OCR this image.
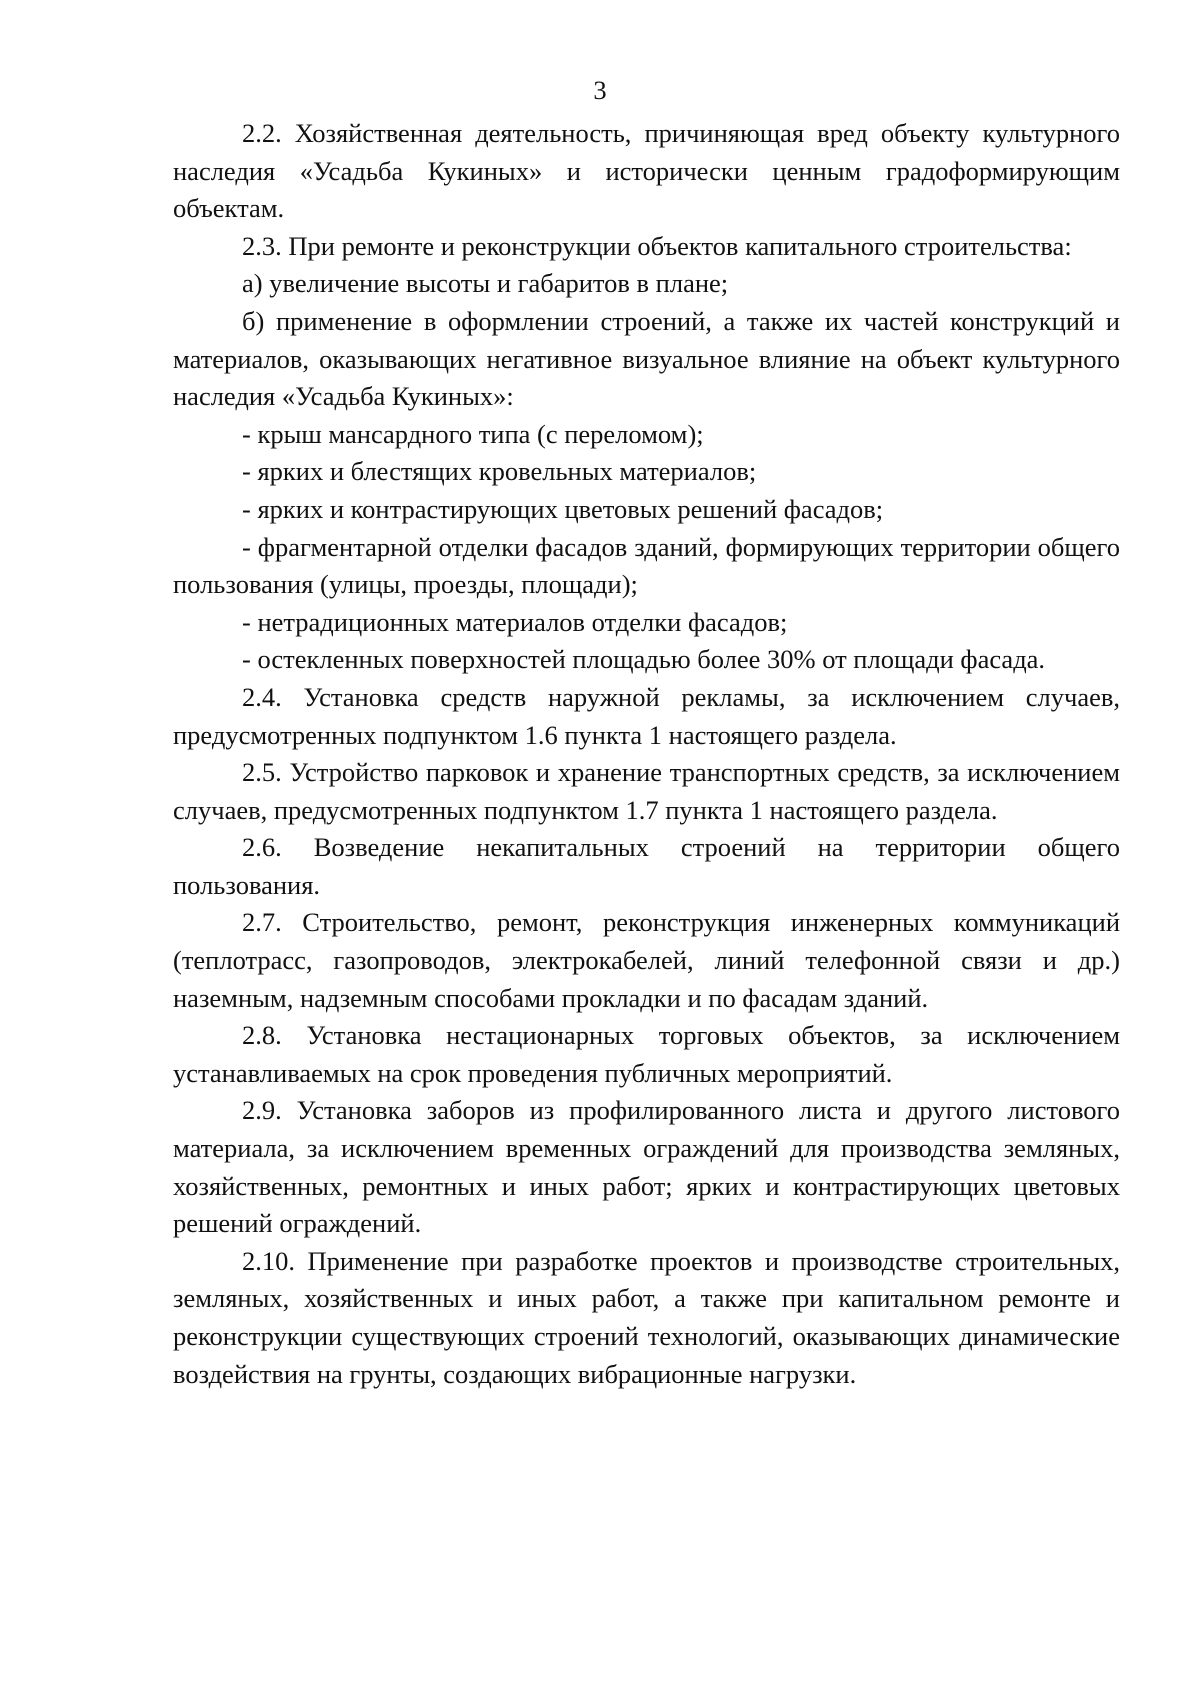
3

2.2. Хозяйственная деятельность, причиняющая вред объекту культурного наследия «Усадьба Кукиных» и исторически ценным градоформирующим объектам.

2.3. При ремонте и реконструкции объектов капитального строительства:

а) увеличение высоты и габаритов в плане;

б) применение в оформлении строений, а также их частей конструкций и материалов, оказывающих негативное визуальное влияние на объект культурного наследия «Усадьба Кукиных»:

- крыш мансардного типа (с переломом);

- ярких и блестящих кровельных материалов;

- ярких и контрастирующих цветовых решений фасадов;

- фрагментарной отделки фасадов зданий, формирующих территории общего пользования (улицы, проезды, площади);

- нетрадиционных материалов отделки фасадов;

- остекленных поверхностей площадью более 30% от площади фасада.

2.4. Установка средств наружной рекламы, за исключением случаев, предусмотренных подпунктом 1.6 пункта 1 настоящего раздела.

2.5. Устройство парковок и хранение транспортных средств, за исключением случаев, предусмотренных подпунктом 1.7 пункта 1 настоящего раздела.

2.6. Возведение некапитальных строений на территории общего пользования.

2.7. Строительство, ремонт, реконструкция инженерных коммуникаций (теплотрасс, газопроводов, электрокабелей, линий телефонной связи и др.) наземным, надземным способами прокладки и по фасадам зданий.

2.8. Установка нестационарных торговых объектов, за исключением устанавливаемых на срок проведения публичных мероприятий.

2.9. Установка заборов из профилированного листа и другого листового материала, за исключением временных ограждений для производства земляных, хозяйственных, ремонтных и иных работ; ярких и контрастирующих цветовых решений ограждений.

2.10. Применение при разработке проектов и производстве строительных, земляных, хозяйственных и иных работ, а также при капитальном ремонте и реконструкции существующих строений технологий, оказывающих динамические воздействия на грунты, создающих вибрационные нагрузки.
